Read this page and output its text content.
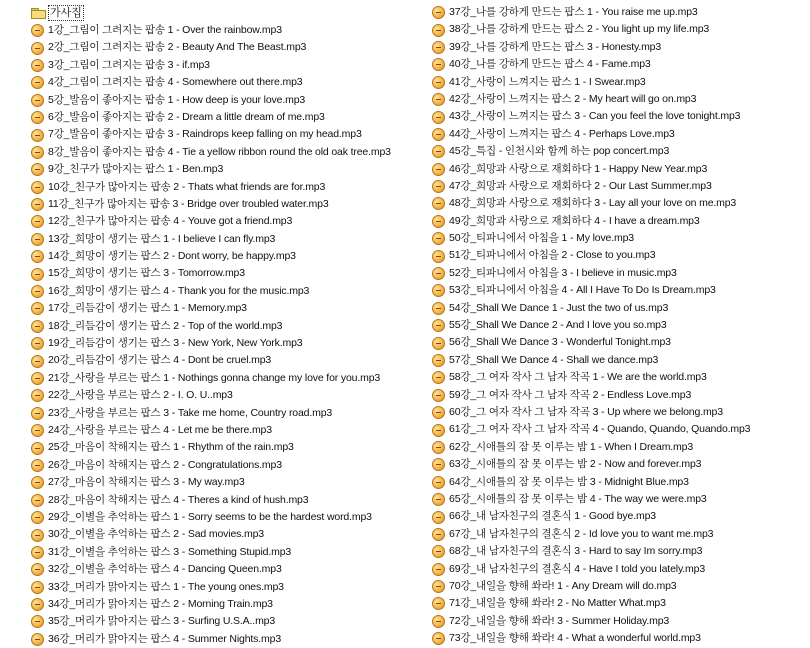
가사집
1강_그림이 그려지는 팝송 1 - Over the rainbow.mp3
2강_그림이 그려지는 팝송 2 - Beauty And The Beast.mp3
3강_그림이 그려지는 팝송 3 - if.mp3
4강_그림이 그려지는 팝송 4 - Somewhere out there.mp3
5강_발음이 좋아지는 팝송 1 - How deep is your love.mp3
6강_발음이 좋아지는 팝송 2 - Dream a little dream of me.mp3
7강_발음이 좋아지는 팝송 3 - Raindrops keep falling on my head.mp3
8강_발음이 좋아지는 팝송 4 - Tie a yellow ribbon round the old oak tree.mp3
9강_친구가 많아지는 팝스 1 - Ben.mp3
10강_친구가 많아지는 팝송 2 - Thats what friends are for.mp3
11강_친구가 많아지는 팝송 3 - Bridge over troubled water.mp3
12강_친구가 많아지는 팝송 4 - Youve got a friend.mp3
13강_희망이 생기는 팝스 1 - I believe I can fly.mp3
14강_희망이 생기는 팝스 2 - Dont worry, be happy.mp3
15강_희망이 생기는 팝스 3 - Tomorrow.mp3
16강_희망이 생기는 팝스 4 - Thank you for the music.mp3
17강_리듬감이 생기는 팝스 1 - Memory.mp3
18강_리듬감이 생기는 팝스 2 - Top of the world.mp3
19강_리듬감이 생기는 팝스 3 - New York, New York.mp3
20강_리듬감이 생기는 팝스 4 - Dont be cruel.mp3
21강_사랑을 부르는 팝스 1 - Nothings gonna change my love for you.mp3
22강_사랑을 부르는 팝스 2 - I. O. U..mp3
23강_사랑을 부르는 팝스 3 - Take me home, Country road.mp3
24강_사랑을 부르는 팝스 4 - Let me be there.mp3
25강_마음이 착해지는 팝스 1 - Rhythm of the rain.mp3
26강_마음이 착해지는 팝스 2 - Congratulations.mp3
27강_마음이 착해지는 팝스 3 - My way.mp3
28강_마음이 착해지는 팝스 4 - Theres a kind of hush.mp3
29강_이별을 추억하는 팝스 1 - Sorry seems to be the hardest word.mp3
30강_이별을 추억하는 팝스 2 - Sad movies.mp3
31강_이별을 추억하는 팝스 3 - Something Stupid.mp3
32강_이별을 추억하는 팝스 4 - Dancing Queen.mp3
33강_머리가 맑아지는 팝스 1 - The young ones.mp3
34강_머리가 맑아지는 팝스 2 - Morning Train.mp3
35강_머리가 맑아지는 팝스 3 - Surfing U.S.A..mp3
36강_머리가 맑아지는 팝스 4 - Summer Nights.mp3
37강_나를 강하게 만드는 팝스 1 - You raise me up.mp3
38강_나를 강하게 만드는 팝스 2 - You light up my life.mp3
39강_나를 강하게 만드는 팝스 3 - Honesty.mp3
40강_나를 강하게 만드는 팝스 4 - Fame.mp3
41강_사랑이 느껴지는 팝스 1 - I Swear.mp3
42강_사랑이 느껴지는 팝스 2 - My heart will go on.mp3
43강_사랑이 느껴지는 팝스 3 - Can you feel the love tonight.mp3
44강_사랑이 느껴지는 팝스 4 - Perhaps Love.mp3
45강_특집 - 인천시와 함께 하는 pop concert.mp3
46강_희망과 사랑으로 재회하다 1 - Happy New Year.mp3
47강_희망과 사랑으로 재회하다 2 - Our Last Summer.mp3
48강_희망과 사랑으로 재회하다 3 - Lay all your love on me.mp3
49강_희망과 사랑으로 재회하다 4 - I have a dream.mp3
50강_티파니에서 아침을 1 - My love.mp3
51강_티파니에서 아침을 2 - Close to you.mp3
52강_티파니에서 아침을 3 - I believe in music.mp3
53강_티파니에서 아침을 4 - All I Have To Do Is Dream.mp3
54강_Shall We Dance 1 - Just the two of us.mp3
55강_Shall We Dance 2 - And I love you so.mp3
56강_Shall We Dance 3 - Wonderful Tonight.mp3
57강_Shall We Dance 4 - Shall we dance.mp3
58강_그 여자 작사 그 남자 작곡 1 - We are the world.mp3
59강_그 여자 작사 그 남자 작곡 2 - Endless Love.mp3
60강_그 여자 작사 그 남자 작곡 3 - Up where we belong.mp3
61강_그 여자 작사 그 남자 작곡 4 - Quando, Quando, Quando.mp3
62강_시애틀의 잠 못 이루는 밤 1 - When I Dream.mp3
63강_시애틀의 잠 못 이루는 밤 2 - Now and forever.mp3
64강_시애틀의 잠 못 이루는 밤 3 - Midnight Blue.mp3
65강_시애틀의 잠 못 이루는 밤 4 - The way we were.mp3
66강_내 남자친구의 결혼식 1 - Good bye.mp3
67강_내 남자친구의 결혼식 2 - Id love you to want me.mp3
68강_내 남자친구의 결혼식 3 - Hard to say Im sorry.mp3
69강_내 남자친구의 결혼식 4 - Have I told you lately.mp3
70강_내일을 향해 쏴라! 1 - Any Dream will do.mp3
71강_내일을 향해 쏴라! 2 - No Matter What.mp3
72강_내일을 향해 쏴라! 3 - Summer Holiday.mp3
73강_내일을 향해 쏴라! 4 - What a wonderful world.mp3
